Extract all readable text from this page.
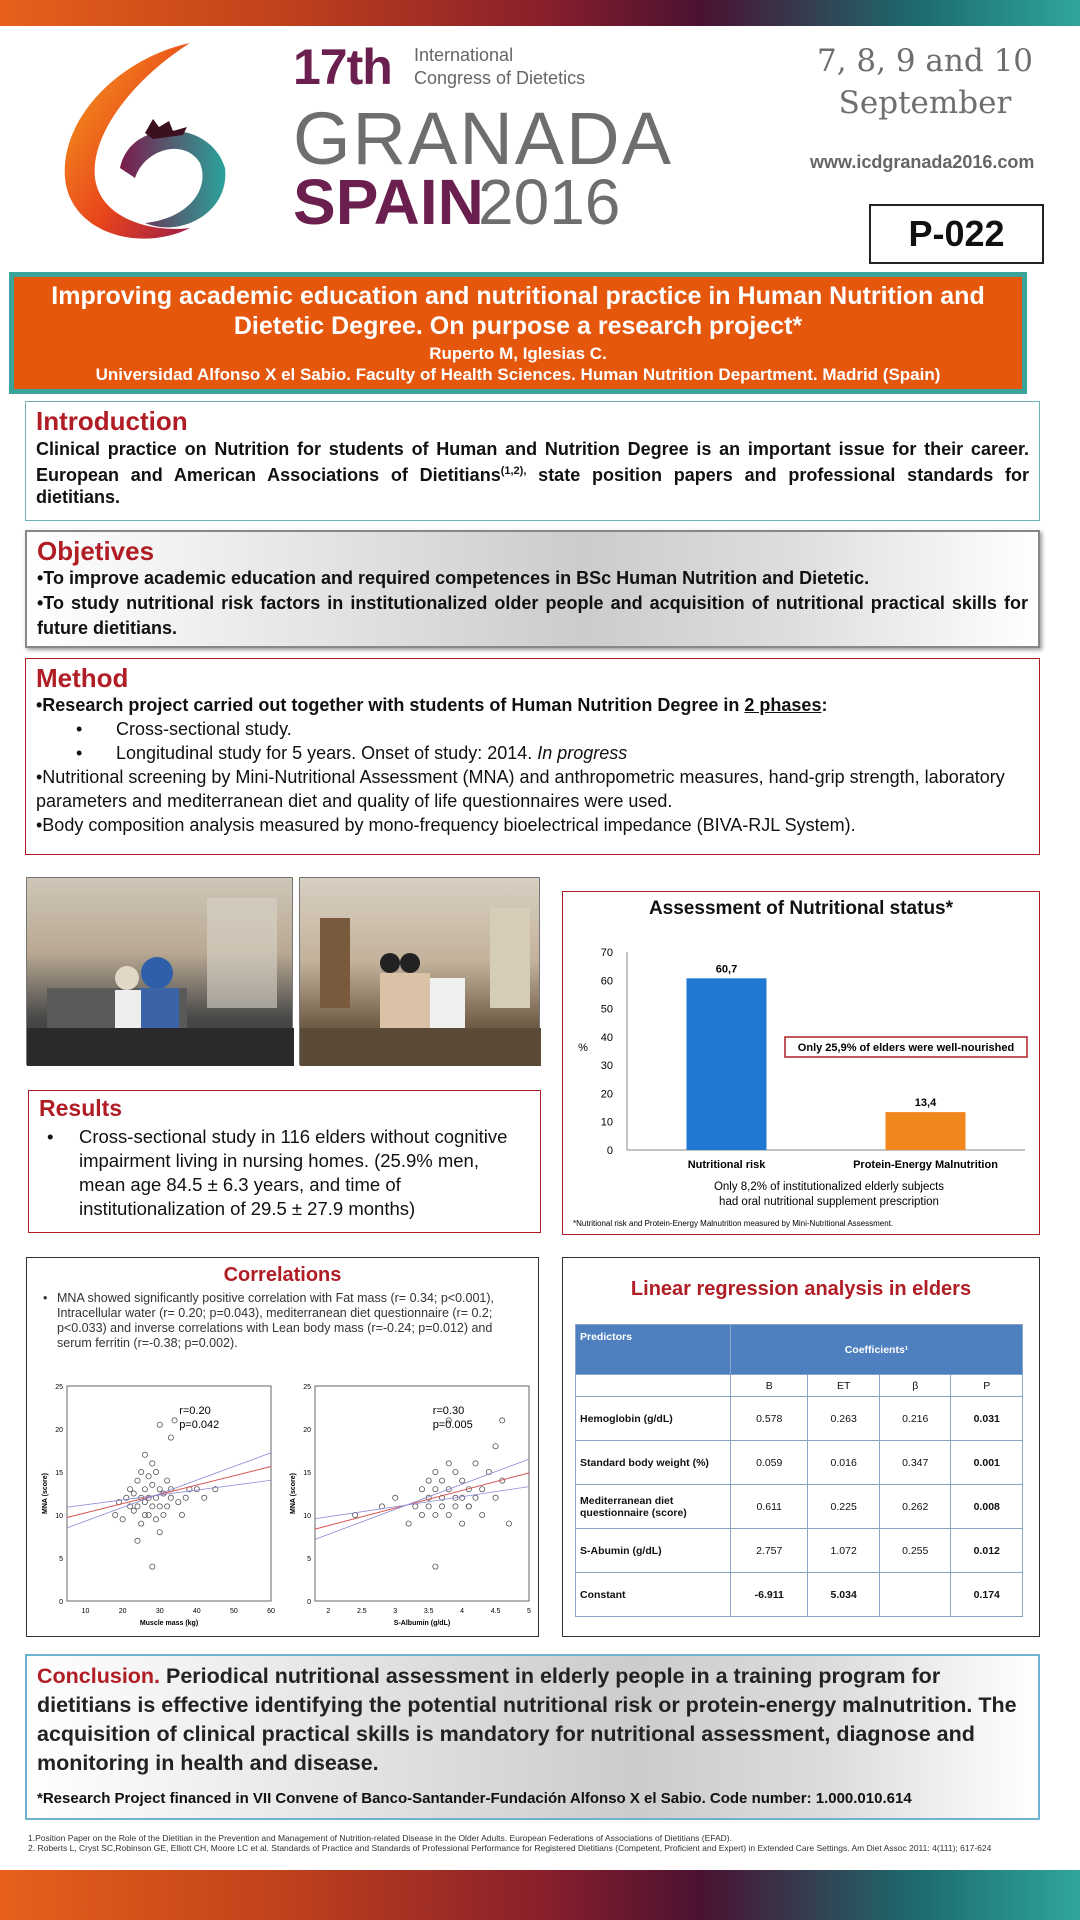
17th International
Congress of Dietetics
GRANADA
SPAIN
2016
7, 8, 9 and 10
September
www.icdgranada2016.com
P-022
Improving academic education and nutritional practice in Human Nutrition and Dietetic Degree. On purpose a research project*
Ruperto M, Iglesias C.
Universidad Alfonso X el Sabio. Faculty of Health Sciences. Human Nutrition Department. Madrid (Spain)
Introduction

Clinical practice on Nutrition for students of Human and Nutrition Degree is an important issue for their career. European and American Associations of Dietitians$^{(1,2),}$ state position papers and professional standards for dietitians.

Objetives
•To improve academic education and required competences in BSc Human Nutrition and Dietetic.
•To study nutritional risk factors in institutionalized older people and acquisition of nutritional practical skills for future dietitians.
Method
•Research project carried out together with students of Human Nutrition Degree in 2 phases:
• Cross-sectional study.
• Longitudinal study for 5 years. Onset of study: 2014. In progress
•Nutritional screening by Mini-Nutritional Assessment (MNA) and anthropometric measures, hand-grip strength, laboratory parameters and mediterranean diet and quality of life questionnaires were used.
•Body composition analysis measured by mono-frequency bioelectrical impedance (BIVA-RJL System).
Assessment of Nutritional status*
0
10
20
30
40
50
60
70
%
60,7
Nutritional risk
13,4
Protein-Energy Malnutrition
Only 25,9% of elders were well-nourished
Only 8,2% of institutionalized elderly subjects
had oral nutritional supplement prescription
*Nutritional risk and Protein-Energy Malnutrition measured by Mini-Nutritional Assessment.
Results
• Cross-sectional study in 116 elders without cognitive impairment living in nursing homes. (25.9% men, mean age 84.5 ± 6.3 years, and time of institutionalization of 29.5 ± 27.9 months)
Correlations
• MNA showed significantly positive correlation with Fat mass (r= 0.34; p<0.001), Intracellular water (r= 0.20; p=0.043), mediterranean diet questionnaire (r= 0.2; p<0.033) and inverse correlations with Lean body mass (r=-0.24; p=0.012) and serum ferritin (r=-0.38; p=0.002).
10	20	30	40	50	60
0
5
10
15
20
25
Muscle mass (kg)
MNA (score)
r=0.20
p=0.042
2	2.5	3	3.5	4	4.5	5
0
5
10
15
20
25
S-Albumin (g/dL)
MNA (score)
r=0.30
p=0.005
Linear regression analysis in elders
Predictors	Coefficients¹			
	B	ET	β	P
Hemoglobin (g/dL)	0.578	0.263	0.216	0.031
Standard body weight (%)	0.059	0.016	0.347	0.001
Mediterranean diet questionnaire (score)	0.611	0.225	0.262	0.008
S-Abumin (g/dL)	2.757	1.072	0.255	0.012
Constant	-6.911	5.034		0.174
Conclusion. Periodical nutritional assessment in elderly people in a training program for dietitians is effective identifying the potential nutritional risk or protein-energy malnutrition. The acquisition of clinical practical skills is mandatory for nutritional assessment, diagnose and monitoring in health and disease.
*Research Project financed in VII Convene of Banco-Santander-Fundación Alfonso X el Sabio. Code number: 1.000.010.614
1.Position Paper on the Role of the Dietitian in the Prevention and Management of Nutrition-related Disease in the Older Adults. European Federations of Associations of Dietitians (EFAD).
2. Roberts L, Cryst SC,Robinson GE, Elliott CH, Moore LC et al. Standards of Practice and Standards of Professional Performance for Registered Dietitians (Competent, Proficient and Expert) in Extended Care Settings. Am Diet Assoc 2011: 4(111); 617-624
